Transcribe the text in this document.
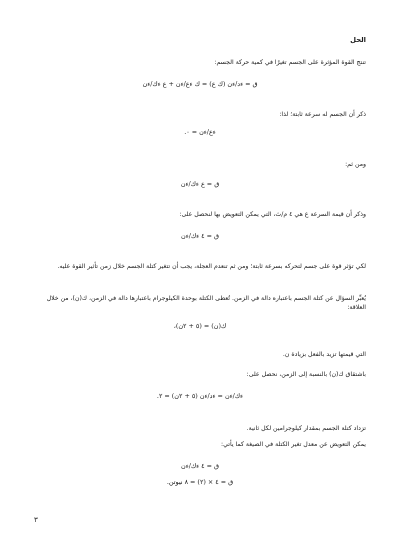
الحل
تنتج القوة المؤثرة على الجسم تغيرًا في كمية حركة الجسم:
ق = ءد/ءن (ك ع) = ك ءع/ءن + ع ءك/ءن
ذكر أن الجسم له سرعة ثابتة؛ لذا:
ءع/ءن = ٠.
ومن ثم:
ق = ع ءك/ءن
وذكر أن قيمة السرعة ع هي ٤ م/ث، التي يمكن التعويض بها لنحصل على:
ق = ٤ ءك/ءن
لكي تؤثر قوة على جسم لتحركه بسرعة ثابتة؛ ومن ثم تنعدم العجلة، يجب أن تتغير كتلة الجسم خلال زمن تأثير القوة عليه.
يُعبِّر السؤال عن كتلة الجسم باعتباره دالة في الزمن. تُعطى الكتلة بوحدة الكيلوجرام باعتبارها دالة في الزمن، ك(ن)، من خلال العلاقة:
ك(ن) = (٥ + ٢ن)،
التي قيمتها تزيد بالفعل بزيادة ن.
باشتقاق ك(ن) بالنسبة إلى الزمن، نحصل على:
ءك/ءن = ءد/ءن (٥ + ٢ن) = ٢.
تزداد كتلة الجسم بمقدار كيلوجرامين لكل ثانية.
يمكن التعويض عن معدل تغير الكتلة في الصيغة كما يأتي:
ق = ٤ ءك/ءن
ق = ٤ × (٢) = ٨ نيوتن.
٣
